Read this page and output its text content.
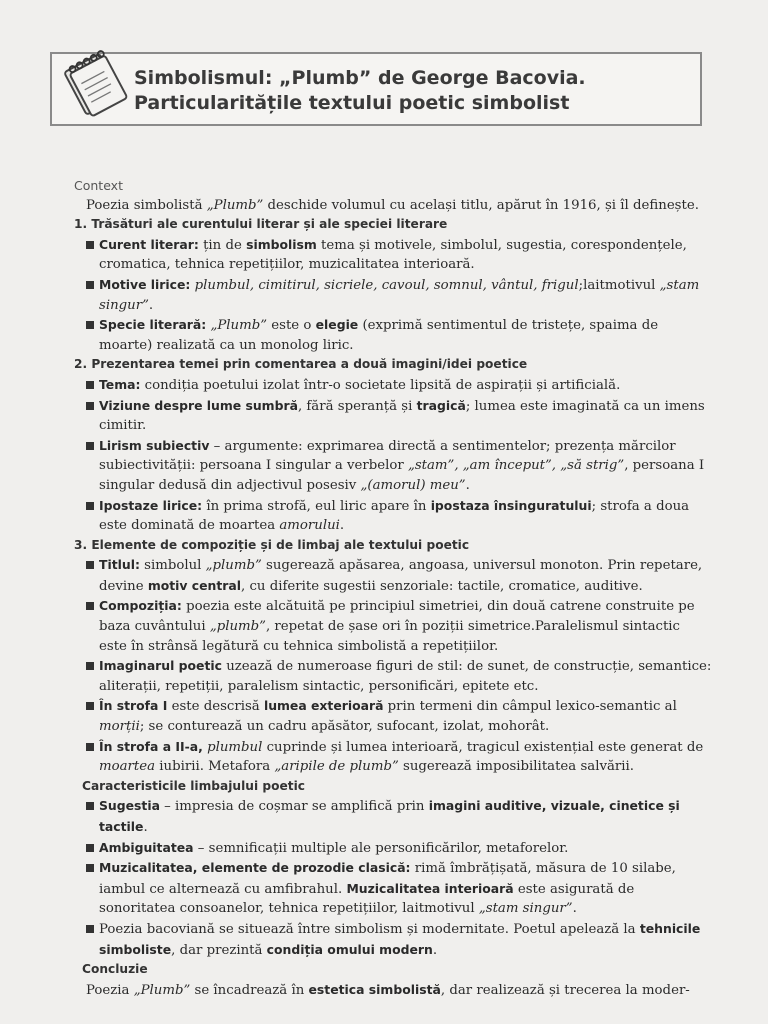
Simbolismul: „Plumb” de George Bacovia.
Particularitățile textului poetic simbolist
Context

Poezia simbolistă „Plumb” deschide volumul cu același titlu, apărut în 1916, și îl definește.

1. Trăsături ale curentului literar și ale speciei literare
Curent literar: țin de simbolism tema și motivele, simbolul, sugestia, corespondențele, cromatica, tehnica repetițiilor, muzicalitatea interioară.
Motive lirice: plumbul, cimitirul, sicriele, cavoul, somnul, vântul, frigul;laitmotivul „stam singur”.
Specie literară: „Plumb” este o elegie (exprimă sentimentul de tristețe, spaima de moarte) realizată ca un monolog liric.
2. Prezentarea temei prin comentarea a două imagini/idei poetice
Tema: condiția poetului izolat într-o societate lipsită de aspirații și artificială.
Viziune despre lume sumbră, fără speranță și tragică; lumea este imaginată ca un imens cimitir.
Lirism subiectiv – argumente: exprimarea directă a sentimentelor; prezența mărcilor subiectivității: persoana I singular a verbelor „stam”, „am început”, „să strig”, persoana I singular dedusă din adjectivul posesiv „(amorul) meu”.
Ipostaze lirice: în prima strofă, eul liric apare în ipostaza însinguratului; strofa a doua este dominată de moartea amorului.
3. Elemente de compoziție și de limbaj ale textului poetic
Titlul: simbolul „plumb” sugerează apăsarea, angoasa, universul monoton. Prin repetare, devine motiv central, cu diferite sugestii senzoriale: tactile, cromatice, auditive.
Compoziția: poezia este alcătuită pe principiul simetriei, din două catrene construite pe baza cuvântului „plumb”, repetat de șase ori în poziții simetrice.Paralelismul sintactic este în strânsă legătură cu tehnica simbolistă a repetițiilor.
Imaginarul poetic uzează de numeroase figuri de stil: de sunet, de construcție, semantice: aliterații, repetiții, paralelism sintactic, personificări, epitete etc.
În strofa I este descrisă lumea exterioară prin termeni din câmpul lexico-semantic al morții; se conturează un cadru apăsător, sufocant, izolat, mohorât.
În strofa a II-a, plumbul cuprinde și lumea interioară, tragicul existențial este generat de moartea iubirii. Metafora „aripile de plumb” sugerează imposibilitatea salvării.
Caracteristicile limbajului poetic
Sugestia – impresia de coșmar se amplifică prin imagini auditive, vizuale, cinetice și tactile.
Ambiguitatea – semnificații multiple ale personificărilor, metaforelor.
Muzicalitatea, elemente de prozodie clasică: rimă îmbrățișată, măsura de 10 silabe, iambul ce alternează cu amfibrahul. Muzicalitatea interioară este asigurată de sonoritatea consoanelor, tehnica repetițiilor, laitmotivul „stam singur”.
Poezia bacoviană se situează între simbolism și modernitate. Poetul apelează la tehnicile simboliste, dar prezintă condiția omului modern.
Concluzie

Poezia „Plumb” se încadrează în estetica simbolistă, dar realizează și trecerea la moder-
